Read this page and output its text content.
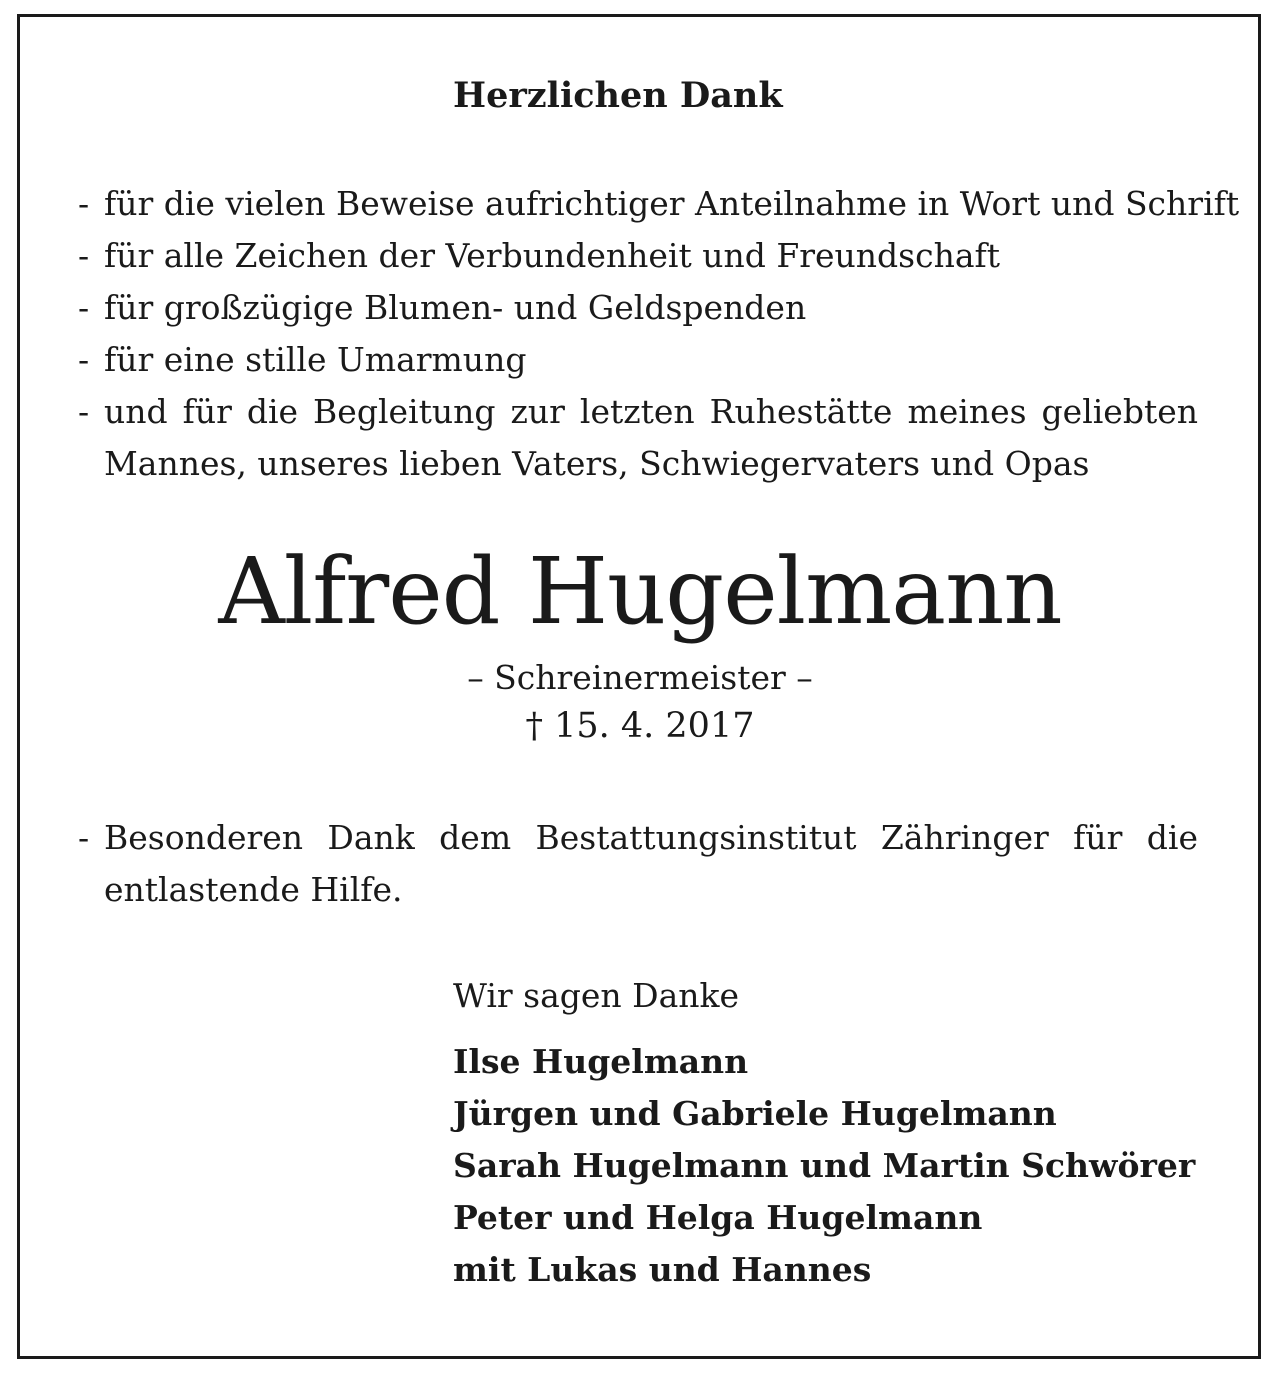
Herzlichen Dank
- für die vielen Beweise aufrichtiger Anteilnahme in Wort und Schrift
- für alle Zeichen der Verbundenheit und Freundschaft
- für großzügige Blumen- und Geldspenden
- für eine stille Umarmung
- und für die Begleitung zur letzten Ruhestätte meines geliebten Mannes, unseres lieben Vaters, Schwiegervaters und Opas
Alfred Hugelmann

– Schreinermeister –

† 15. 4. 2017

- Besonderen Dank dem Bestattungsinstitut Zähringer für die entlastende Hilfe.

Wir sagen Danke

Ilse Hugelmann
Jürgen und Gabriele Hugelmann
Sarah Hugelmann und Martin Schwörer
Peter und Helga Hugelmann
mit Lukas und Hannes
